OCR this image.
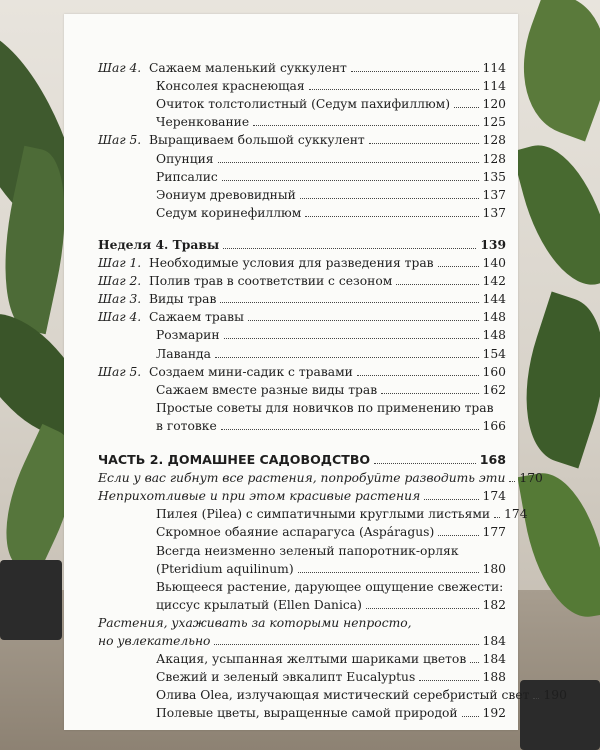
Шаг 4. Сажаем маленький суккулент	114
Консолея краснеющая	114
Очиток толстолистный (Седум пахифиллюм)	120
Черенкование	125
Шаг 5. Выращиваем большой суккулент	128
Опунция	128
Рипсалис	135
Эониум древовидный	137
Седум коринефиллюм	137
Неделя 4. Травы	139
Шаг 1. Необходимые условия для разведения трав	140
Шаг 2. Полив трав в соответствии с сезоном	142
Шаг 3. Виды трав	144
Шаг 4. Сажаем травы	148
Розмарин	148
Лаванда	154
Шаг 5. Создаем мини-садик с травами	160
Сажаем вместе разные виды трав	162
Простые советы для новичков по применению трав
в готовке	166
ЧАСТЬ 2. ДОМАШНЕЕ САДОВОДСТВО	168
Если у вас гибнут все растения, попробуйте разводить эти 170
Неприхотливые и при этом красивые растения	174
Пилея (Pilea) с симпатичными круглыми листьями 174
Скромное обаяние аспарагуса (Aspáragus)	177
Всегда неизменно зеленый папоротник-орляк
(Pteridium aquilinum)	180
Вьющееся растение, дарующее ощущение свежести:
циссус крылатый (Ellen Danica)	182
Растения, ухаживать за которыми непросто,
но увлекательно	184
Акация, усыпанная желтыми шариками цветов 184
Свежий и зеленый эвкалипт Eucalyptus	188
Олива Olea, излучающая мистический серебристый свет 190
Полевые цветы, выращенные самой природой 192
